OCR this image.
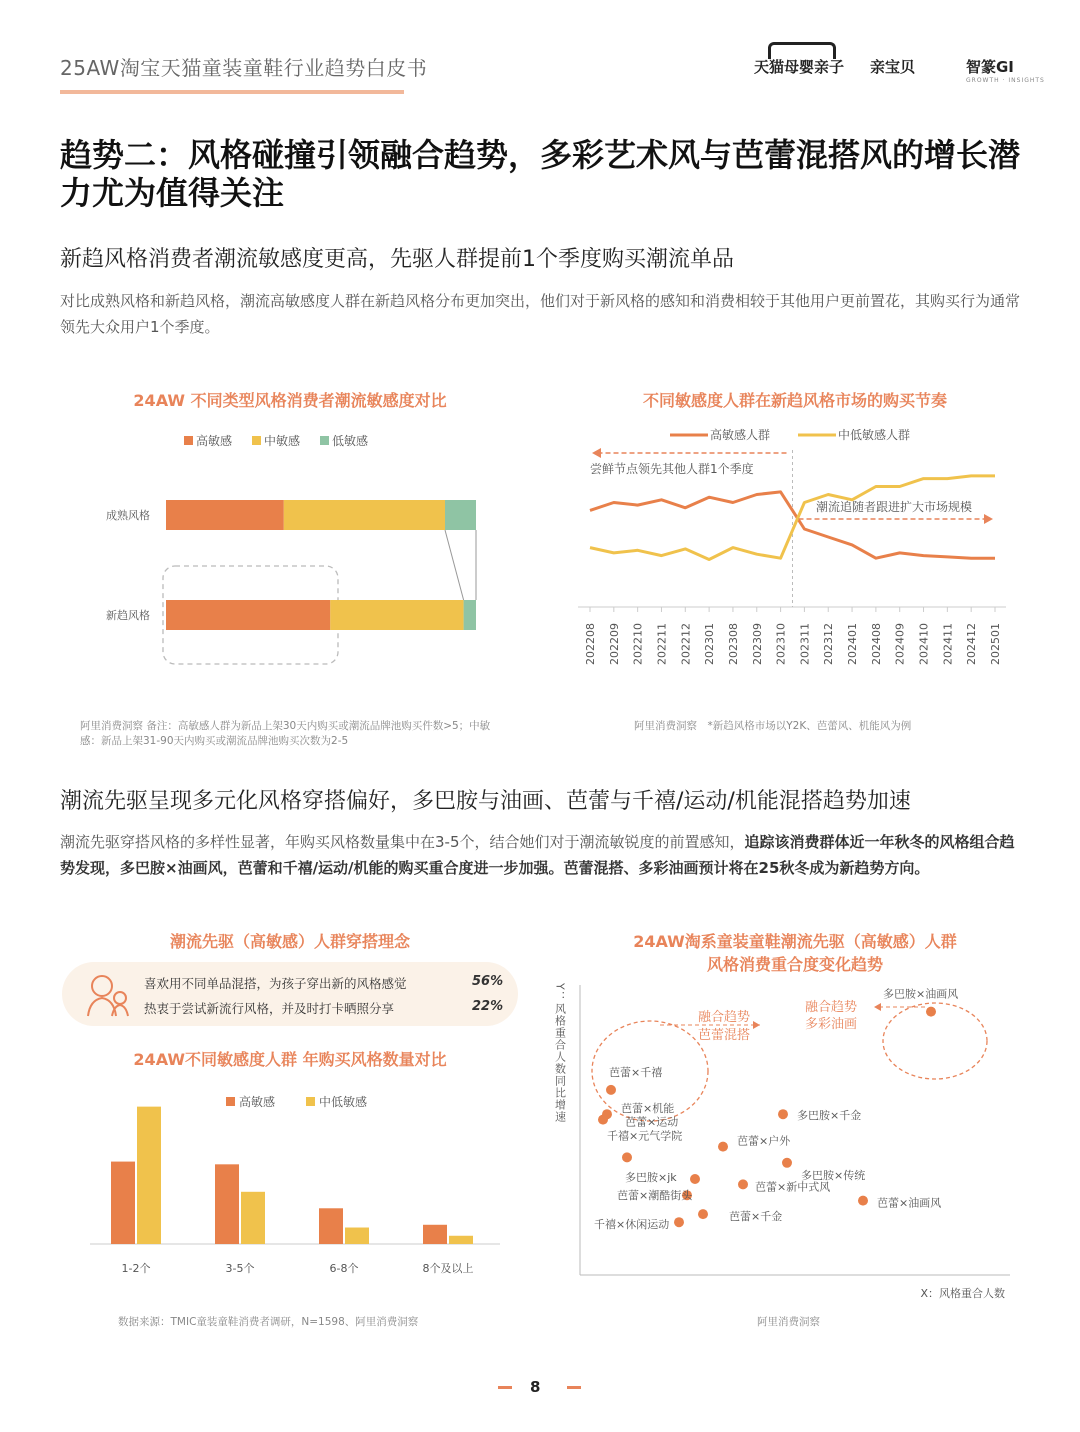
25AW淘宝天猫童装童鞋行业趋势白皮书	天猫母婴亲子 亲宝贝	智篆GI
GROWTH · INSIGHTS
趋势二：风格碰撞引领融合趋势，多彩艺术风与芭蕾混搭风的增长潜力尤为值得关注
新趋风格消费者潮流敏感度更高，先驱人群提前1个季度购买潮流单品
对比成熟风格和新趋风格，潮流高敏感度人群在新趋风格分布更加突出，他们对于新风格的感知和消费相较于其他用户更前置花，其购买行为通常领先大众用户1个季度。
24AW 不同类型风格消费者潮流敏感度对比
高敏感	中敏感	低敏感
成熟风格
新趋风格
阿里消费洞察 备注：高敏感人群为新品上架30天内购买或潮流品牌池购买件数>5；中敏感：新品上架31-90天内购买或潮流品牌池购买次数为2-5
不同敏感度人群在新趋风格市场的购买节奏
高敏感人群	中低敏感人群
尝鲜节点领先其他人群1个季度
潮流追随者跟进扩大市场规模
202208 202209 202210 202211 202212 202301 202308 202309 202310 202311 202312 202401 202408 202409 202410 202411 202412 202501
阿里消费洞察　*新趋风格市场以Y2K、芭蕾风、机能风为例
潮流先驱呈现多元化风格穿搭偏好，多巴胺与油画、芭蕾与千禧/运动/机能混搭趋势加速
潮流先驱穿搭风格的多样性显著，年购买风格数量集中在3-5个，结合她们对于潮流敏锐度的前置感知，追踪该消费群体近一年秋冬的风格组合趋势发现，多巴胺×油画风，芭蕾和千禧/运动/机能的购买重合度进一步加强。芭蕾混搭、多彩油画预计将在25秋冬成为新趋势方向。
潮流先驱（高敏感）人群穿搭理念
喜欢用不同单品混搭，为孩子穿出新的风格感觉	56%
热衷于尝试新流行风格，并及时打卡晒照分享	22%
24AW不同敏感度人群 年购买风格数量对比
高敏感	中低敏感
1-2个	3-5个	6-8个	8个及以上
数据来源：TMIC童装童鞋消费者调研，N=1598、阿里消费洞察
24AW淘系童装童鞋潮流先驱（高敏感）人群
风格消费重合度变化趋势
Y：风格重合人数同比增速
X：风格重合人数
融合趋势
芭蕾混搭
融合趋势
多彩油画
芭蕾×千禧
芭蕾×机能
芭蕾×运动
千禧×元气学院
多巴胺×油画风
多巴胺×千金
芭蕾×户外
多巴胺×传统
多巴胺×jk
芭蕾×新中式风
芭蕾×潮酷街头
芭蕾×油画风
千禧×休闲运动
芭蕾×千金
阿里消费洞察
8
